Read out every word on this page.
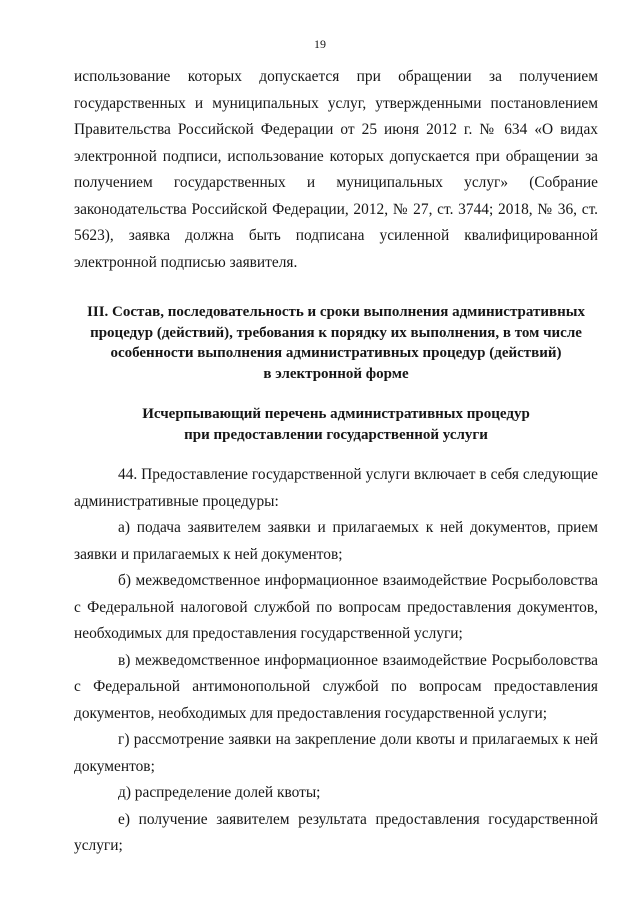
19

использование которых допускается при обращении за получением государственных и муниципальных услуг, утвержденными постановлением Правительства Российской Федерации от 25 июня 2012 г. № 634 «О видах электронной подписи, использование которых допускается при обращении за получением государственных и муниципальных услуг» (Собрание законодательства Российской Федерации, 2012, № 27, ст. 3744; 2018, № 36, ст. 5623), заявка должна быть подписана усиленной квалифицированной электронной подписью заявителя.

III. Состав, последовательность и сроки выполнения административных

процедур (действий), требования к порядку их выполнения, в том числе

особенности выполнения административных процедур (действий)

в электронной форме

Исчерпывающий перечень административных процедур

при предоставлении государственной услуги

44. Предоставление государственной услуги включает в себя следующие административные процедуры:

а) подача заявителем заявки и прилагаемых к ней документов, прием заявки и прилагаемых к ней документов;

б) межведомственное информационное взаимодействие Росрыболовства с Федеральной налоговой службой по вопросам предоставления документов, необходимых для предоставления государственной услуги;

в) межведомственное информационное взаимодействие Росрыболовства с Федеральной антимонопольной службой по вопросам предоставления документов, необходимых для предоставления государственной услуги;

г) рассмотрение заявки на закрепление доли квоты и прилагаемых к ней документов;

д) распределение долей квоты;

е) получение заявителем результата предоставления государственной услуги;
